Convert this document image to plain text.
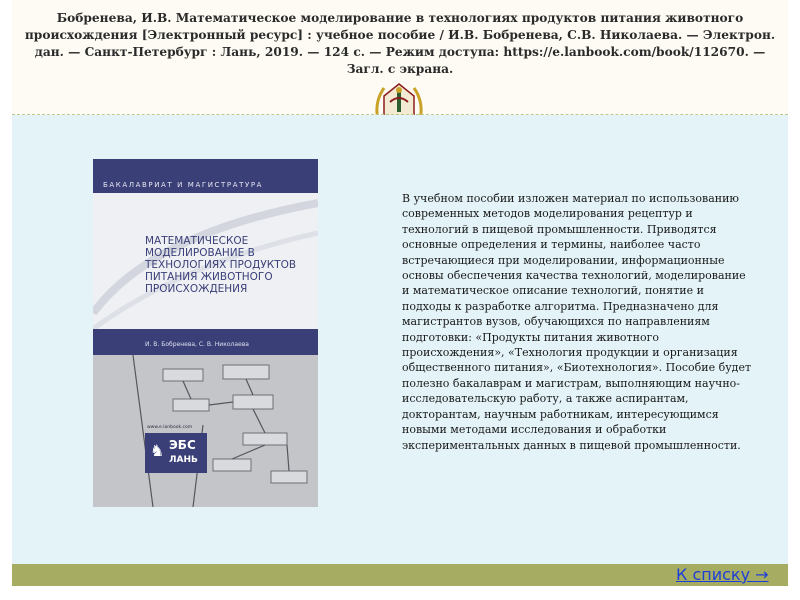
Бобренева, И.В. Математическое моделирование в технологиях продуктов питания животного происхождения [Электронный ресурс] : учебное пособие / И.В. Бобренева, С.В. Николаева. — Электрон. дан. — Санкт-Петербург : Лань, 2019. — 124 с. — Режим доступа: https://e.lanbook.com/book/112670. — Загл. с экрана.
БАКАЛАВРИАТ И МАГИСТРАТУРА
МАТЕМАТИЧЕСКОЕ МОДЕЛИРОВАНИЕ В ТЕХНОЛОГИЯХ ПРОДУКТОВ ПИТАНИЯ ЖИВОТНОГО ПРОИСХОЖДЕНИЯ
И. В. Бобренева, С. В. Николаева
www.e.lanbook.com
♞ ЭБС
ЛАНЬ
В учебном пособии изложен материал по использованию современных методов моделирования рецептур и технологий в пищевой промышленности. Приводятся основные определения и термины, наиболее часто встречающиеся при моделировании, информационные основы обеспечения качества технологий, моделирование и математическое описание технологий, понятие и подходы к разработке алгоритма. Предназначено для магистрантов вузов, обучающихся по направлениям подготовки: «Продукты питания животного происхождения», «Технология продукции и организация общественного питания», «Биотехнология». Пособие будет полезно бакалаврам и магистрам, выполняющим научно-исследовательскую работу, а также аспирантам, докторантам, научным работникам, интересующимся новыми методами исследования и обработки экспериментальных данных в пищевой промышленности.
К списку →
